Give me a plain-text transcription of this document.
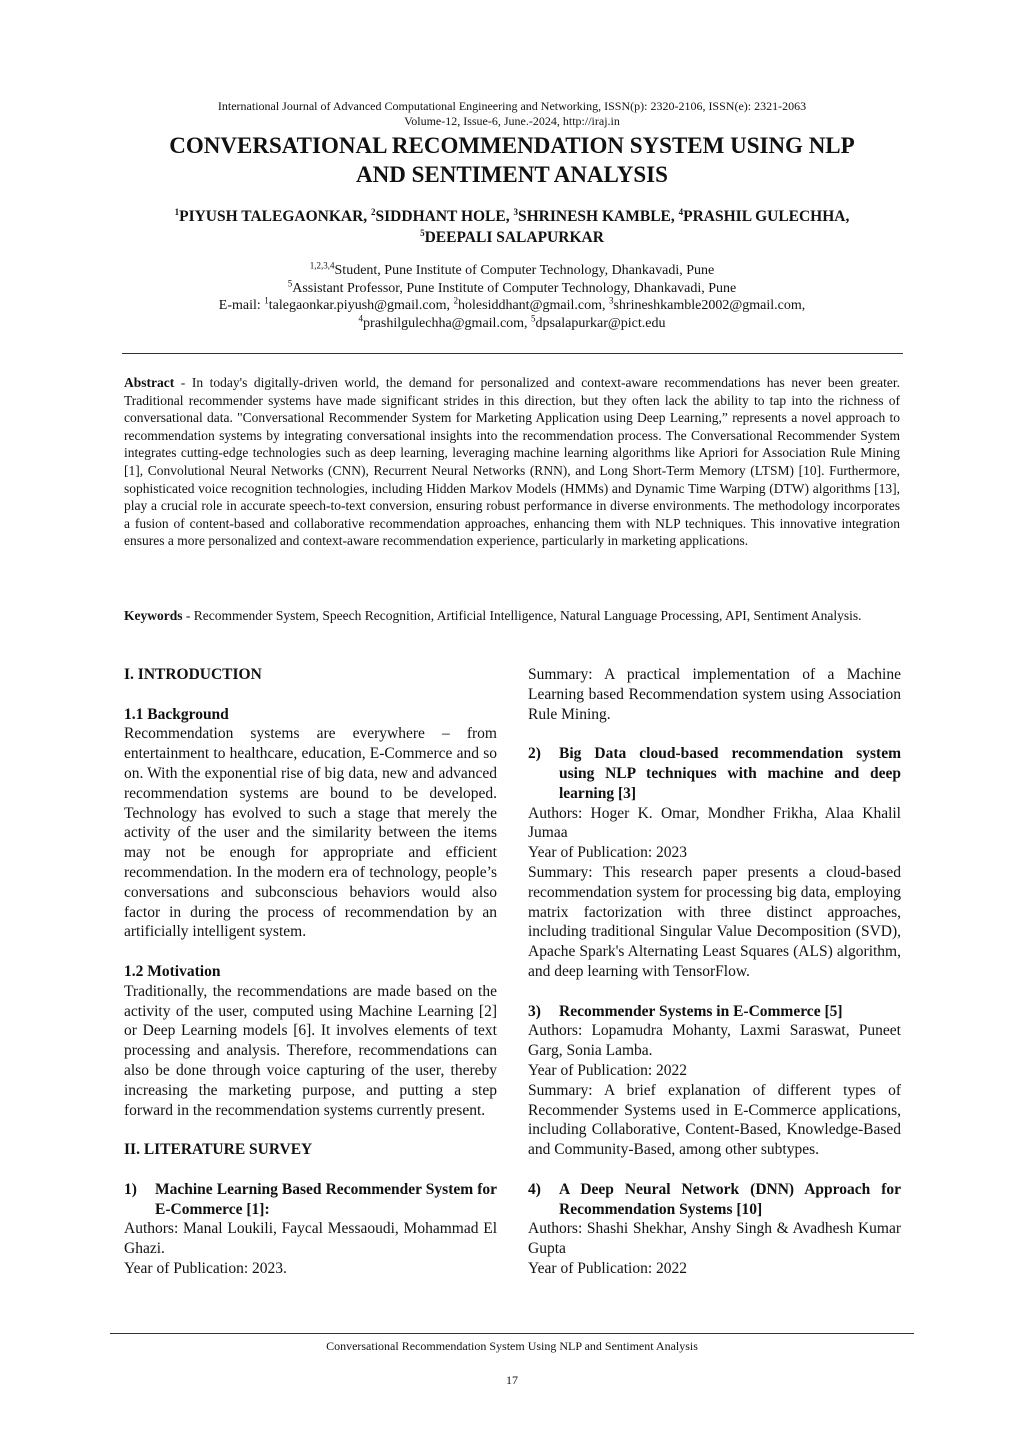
International Journal of Advanced Computational Engineering and Networking, ISSN(p): 2320-2106, ISSN(e): 2321-2063
Volume-12, Issue-6, June.-2024, http://iraj.in
CONVERSATIONAL RECOMMENDATION SYSTEM USING NLP
AND SENTIMENT ANALYSIS
$^1$PIYUSH TALEGAONKAR, $^2$SIDDHANT HOLE, $^3$SHRINESH KAMBLE, $^4$PRASHIL GULECHHA,
$^5$DEEPALI SALAPURKAR
$^{1,2,3,4}$Student, Pune Institute of Computer Technology, Dhankavadi, Pune
$^5$Assistant Professor, Pune Institute of Computer Technology, Dhankavadi, Pune
E-mail: $^1$talegaonkar.piyush@gmail.com, $^2$holesiddhant@gmail.com, $^3$shrineshkamble2002@gmail.com,
$^4$prashilgulechha@gmail.com, $^5$dpsalapurkar@pict.edu
Abstract - In today's digitally-driven world, the demand for personalized and context-aware recommendations has never been greater. Traditional recommender systems have made significant strides in this direction, but they often lack the ability to tap into the richness of conversational data. "Conversational Recommender System for Marketing Application using Deep Learning,” represents a novel approach to recommendation systems by integrating conversational insights into the recommendation process. The Conversational Recommender System integrates cutting-edge technologies such as deep learning, leveraging machine learning algorithms like Apriori for Association Rule Mining [1], Convolutional Neural Networks (CNN), Recurrent Neural Networks (RNN), and Long Short-Term Memory (LTSM) [10]. Furthermore, sophisticated voice recognition technologies, including Hidden Markov Models (HMMs) and Dynamic Time Warping (DTW) algorithms [13], play a crucial role in accurate speech-to-text conversion, ensuring robust performance in diverse environments. The methodology incorporates a fusion of content-based and collaborative recommendation approaches, enhancing them with NLP techniques. This innovative integration ensures a more personalized and context-aware recommendation experience, particularly in marketing applications.
Keywords - Recommender System, Speech Recognition, Artificial Intelligence, Natural Language Processing, API, Sentiment Analysis.
I. INTRODUCTION
1.1 Background

Recommendation systems are everywhere – from entertainment to healthcare, education, E-Commerce and so on. With the exponential rise of big data, new and advanced recommendation systems are bound to be developed. Technology has evolved to such a stage that merely the activity of the user and the similarity between the items may not be enough for appropriate and efficient recommendation. In the modern era of technology, people’s conversations and subconscious behaviors would also factor in during the process of recommendation by an artificially intelligent system.

1.2 Motivation

Traditionally, the recommendations are made based on the activity of the user, computed using Machine Learning [2] or Deep Learning models [6]. It involves elements of text processing and analysis. Therefore, recommendations can also be done through voice capturing of the user, thereby increasing the marketing purpose, and putting a step forward in the recommendation systems currently present.

II. LITERATURE SURVEY
1)	Machine Learning Based Recommender System for E-Commerce [1]:

Authors: Manal Loukili, Faycal Messaoudi, Mohammad El Ghazi.

Year of Publication: 2023.

Summary: A practical implementation of a Machine Learning based Recommendation system using Association Rule Mining.

2)	Big Data cloud-based recommendation system using NLP techniques with machine and deep learning [3]

Authors: Hoger K. Omar, Mondher Frikha, Alaa Khalil Jumaa

Year of Publication: 2023

Summary: This research paper presents a cloud-based recommendation system for processing big data, employing matrix factorization with three distinct approaches, including traditional Singular Value Decomposition (SVD), Apache Spark's Alternating Least Squares (ALS) algorithm, and deep learning with TensorFlow.

3)	Recommender Systems in E-Commerce [5]

Authors: Lopamudra Mohanty, Laxmi Saraswat, Puneet Garg, Sonia Lamba.

Year of Publication: 2022

Summary: A brief explanation of different types of Recommender Systems used in E-Commerce applications, including Collaborative, Content-Based, Knowledge-Based and Community-Based, among other subtypes.

4)	A Deep Neural Network (DNN) Approach for Recommendation Systems [10]

Authors: Shashi Shekhar, Anshy Singh & Avadhesh Kumar Gupta

Year of Publication: 2022

Conversational Recommendation System Using NLP and Sentiment Analysis
17
